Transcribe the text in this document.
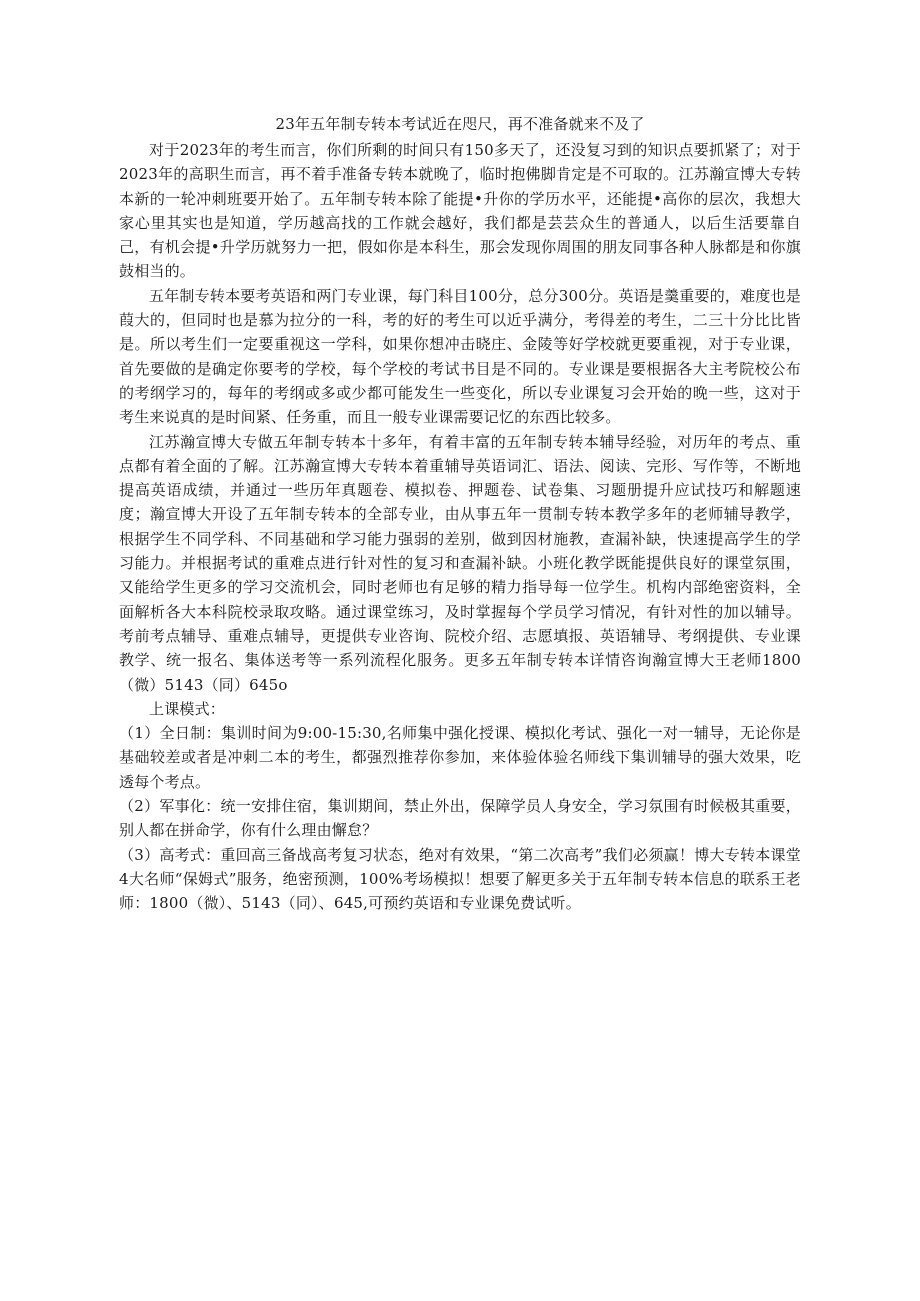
23年五年制专转本考试近在咫尺，再不准备就来不及了

对于2023年的考生而言，你们所剩的时间只有150多天了，还没复习到的知识点要抓紧了；对于2023年的高职生而言，再不着手准备专转本就晚了，临时抱佛脚肯定是不可取的。江苏瀚宣博大专转本新的一轮冲刺班要开始了。五年制专转本除了能提•升你的学历水平，还能提•高你的层次，我想大家心里其实也是知道，学历越高找的工作就会越好，我们都是芸芸众生的普通人，以后生活要靠自己，有机会提•升学历就努力一把，假如你是本科生，那会发现你周围的朋友同事各种人脉都是和你旗鼓相当的。

五年制专转本要考英语和两门专业课，每门科目100分，总分300分。英语是羹重要的，难度也是葭大的，但同时也是慕为拉分的一科，考的好的考生可以近乎满分，考得差的考生，二三十分比比皆是。所以考生们一定要重视这一学科，如果你想冲击晓庄、金陵等好学校就更要重视，对于专业课，首先要做的是确定你要考的学校，每个学校的考试书目是不同的。专业课是要根据各大主考院校公布的考纲学习的，每年的考纲或多或少都可能发生一些变化，所以专业课复习会开始的晚一些，这对于考生来说真的是时间紧、任务重，而且一般专业课需要记忆的东西比较多。

江苏瀚宣博大专做五年制专转本十多年，有着丰富的五年制专转本辅导经验，对历年的考点、重点都有着全面的了解。江苏瀚宣博大专转本着重辅导英语词汇、语法、阅读、完形、写作等，不断地提高英语成绩，并通过一些历年真题卷、模拟卷、押题卷、试卷集、习题册提升应试技巧和解题速度；瀚宣博大开设了五年制专转本的全部专业，由从事五年一贯制专转本教学多年的老师辅导教学，根据学生不同学科、不同基础和学习能力强弱的差别，做到因材施教，查漏补缺，快速提高学生的学习能力。并根据考试的重难点进行针对性的复习和查漏补缺。小班化教学既能提供良好的课堂氛围，又能给学生更多的学习交流机会，同时老师也有足够的精力指导每一位学生。机构内部绝密资料，全面解析各大本科院校录取攻略。通过课堂练习，及时掌握每个学员学习情况，有针对性的加以辅导。考前考点辅导、重难点辅导，更提供专业咨询、院校介绍、志愿填报、英语辅导、考纲提供、专业课教学、统一报名、集体送考等一系列流程化服务。更多五年制专转本详情咨询瀚宣博大王老师1800（微）5143（同）645o

上课模式：

（1）全日制：集训时间为9:00-15:30,名师集中强化授课、模拟化考试、强化一对一辅导，无论你是基础较差或者是冲刺二本的考生，都强烈推荐你参加，来体验体验名师线下集训辅导的强大效果，吃透每个考点。

（2）军事化：统一安排住宿，集训期间，禁止外出，保障学员人身安全，学习氛围有时候极其重要，别人都在拼命学，你有什么理由懈怠？

（3）高考式：重回高三备战高考复习状态，绝对有效果，“第二次高考”我们必须赢！博大专转本课堂4大名师“保姆式”服务，绝密预测，100%考场模拟！想要了解更多关于五年制专转本信息的联系王老师：1800（微）、5143（同）、645,可预约英语和专业课免费试听。
